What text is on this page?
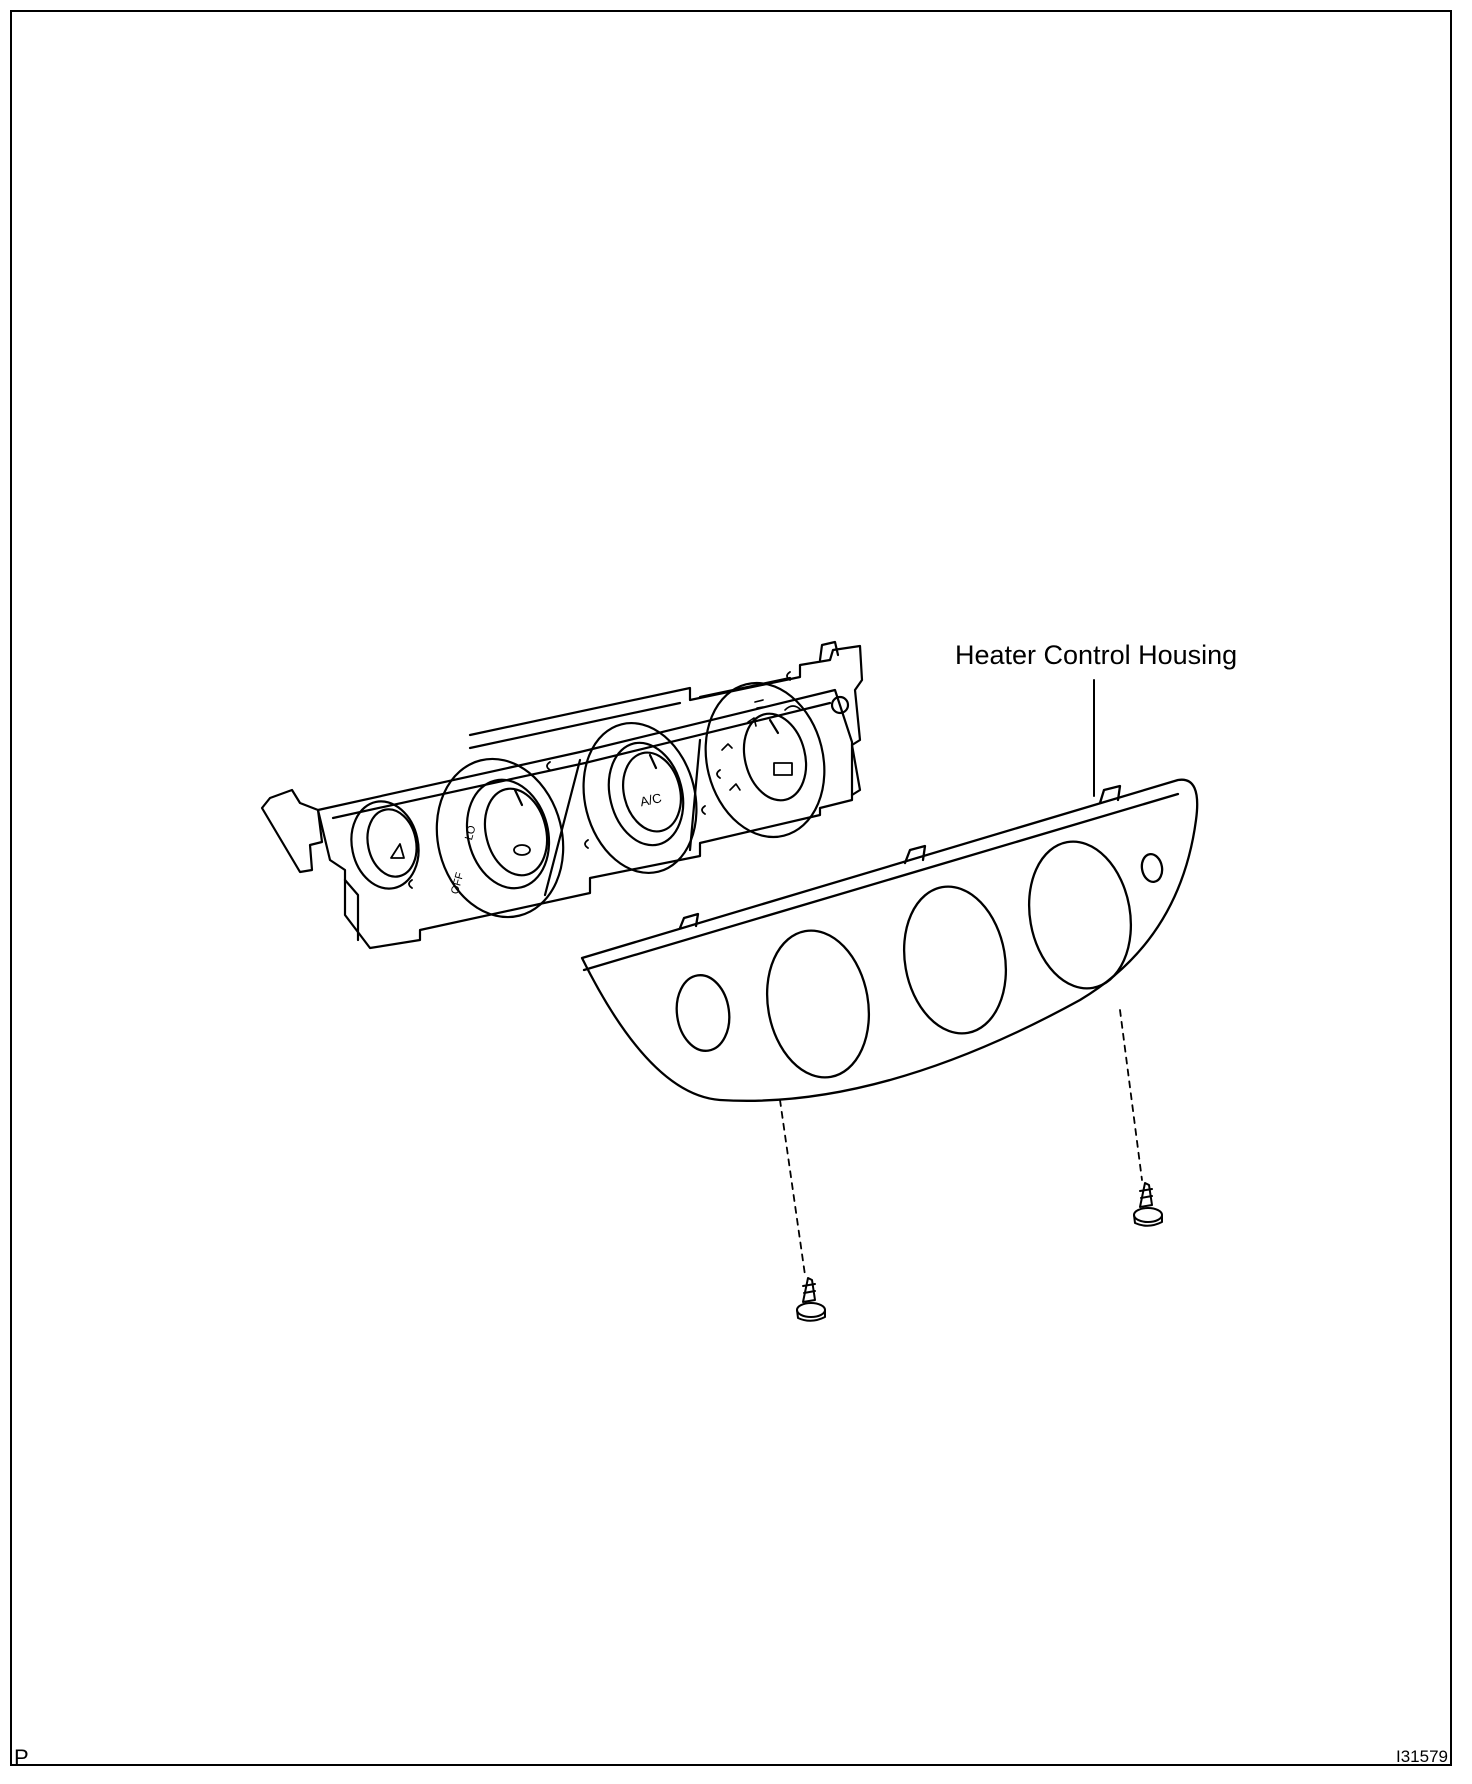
A/C
LO
OFF
Heater Control Housing
P	I31579
